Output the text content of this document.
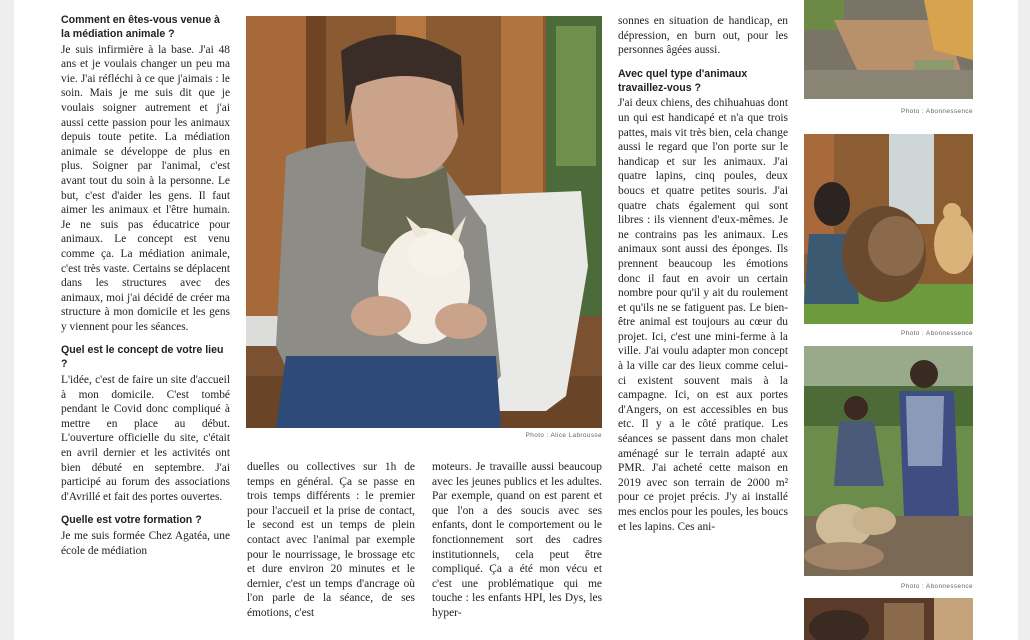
Comment en êtes-vous venue à la médiation animale ?
Je suis infirmière à la base. J'ai 48 ans et je voulais changer un peu ma vie. J'ai réfléchi à ce que j'aimais : le soin. Mais je me suis dit que je voulais soigner autrement et j'ai aussi cette passion pour les animaux depuis toute petite. La médiation animale se développe de plus en plus. Soigner par l'animal, c'est avant tout du soin à la personne. Le but, c'est d'aider les gens. Il faut aimer les animaux et l'être humain. Je ne suis pas éducatrice pour animaux. Le concept est venu comme ça. La médiation animale, c'est très vaste. Certains se déplacent dans les structures avec des animaux, moi j'ai décidé de créer ma structure à mon domicile et les gens y viennent pour les séances.
Quel est le concept de votre lieu ?
L'idée, c'est de faire un site d'accueil à mon domicile. C'est tombé pendant le Covid donc compliqué à mettre en place au début. L'ouverture officielle du site, c'était en avril dernier et les activités ont bien débuté en septembre. J'ai participé au forum des associations d'Avrillé et fait des portes ouvertes.
Quelle est votre formation ?
Je me suis formée Chez Agatéa, une école de médiation
Photo : Alice Labrousse
duelles ou collectives sur 1h de temps en général. Ça se passe en trois temps différents : le premier pour l'accueil et la prise de contact, le second est un temps de plein contact avec l'animal par exemple pour le nourrissage, le brossage etc et dure environ 20 minutes et le dernier, c'est un temps d'ancrage où l'on parle de la séance, de ses émotions, c'est
moteurs. Je travaille aussi beaucoup avec les jeunes publics et les adultes. Par exemple, quand on est parent et que l'on a des soucis avec ses enfants, dont le comportement ou le fonctionnement sort des cadres institutionnels, cela peut être compliqué. Ça a été mon vécu et c'est une problématique qui me touche : les enfants HPI, les Dys, les hyper-
sonnes en situation de handicap, en dépression, en burn out, pour les personnes âgées aussi.
Avec quel type d'animaux travaillez-vous ?
J'ai deux chiens, des chihuahuas dont un qui est handicapé et n'a que trois pattes, mais vit très bien, cela change aussi le regard que l'on porte sur le handicap et sur les animaux. J'ai quatre lapins, cinq poules, deux boucs et quatre petites souris. J'ai quatre chats également qui sont libres : ils viennent d'eux-mêmes. Je ne contrains pas les animaux. Les animaux sont aussi des éponges. Ils prennent beaucoup les émotions donc il faut en avoir un certain nombre pour qu'il y ait du roulement et qu'ils ne se fatiguent pas. Le bien-être animal est toujours au cœur du projet. Ici, c'est une mini-ferme à la ville. J'ai voulu adapter mon concept à la ville car des lieux comme celui-ci existent souvent mais à la campagne. Ici, on est aux portes d'Angers, on est accessibles en bus etc. Il y a le côté pratique. Les séances se passent dans mon chalet aménagé sur le terrain adapté aux PMR. J'ai acheté cette maison en 2019 avec son terrain de 2000 m² pour ce projet précis. J'y ai installé mes enclos pour les poules, les boucs et les lapins. Ces ani-
Photo : Abonnessence
Photo : Abonnessence
Photo : Abonnessence
